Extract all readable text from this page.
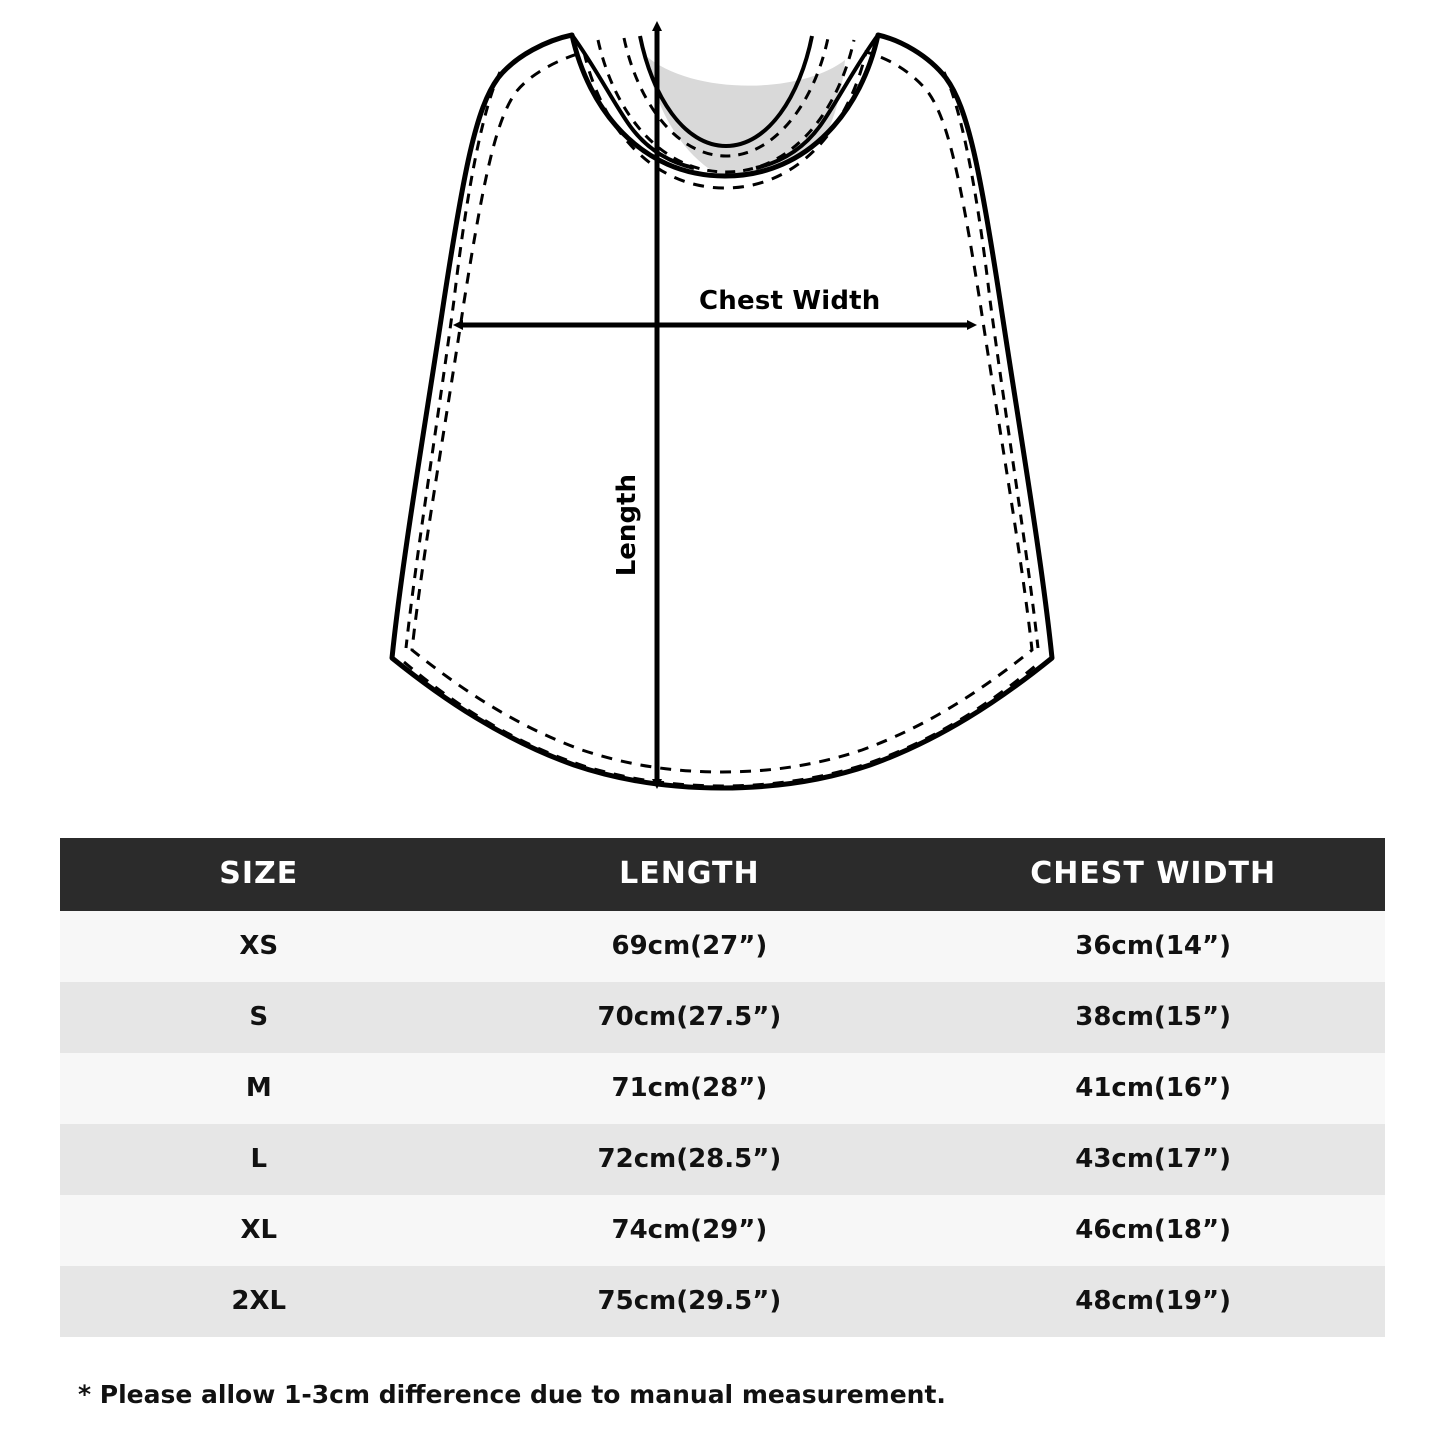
Chest Width
Length
SIZE	LENGTH	CHEST WIDTH
XS	69cm(27”)	36cm(14”)
S	70cm(27.5”)	38cm(15”)
M	71cm(28”)	41cm(16”)
L	72cm(28.5”)	43cm(17”)
XL	74cm(29”)	46cm(18”)
2XL	75cm(29.5”)	48cm(19”)
* Please allow 1-3cm difference due to manual measurement.
